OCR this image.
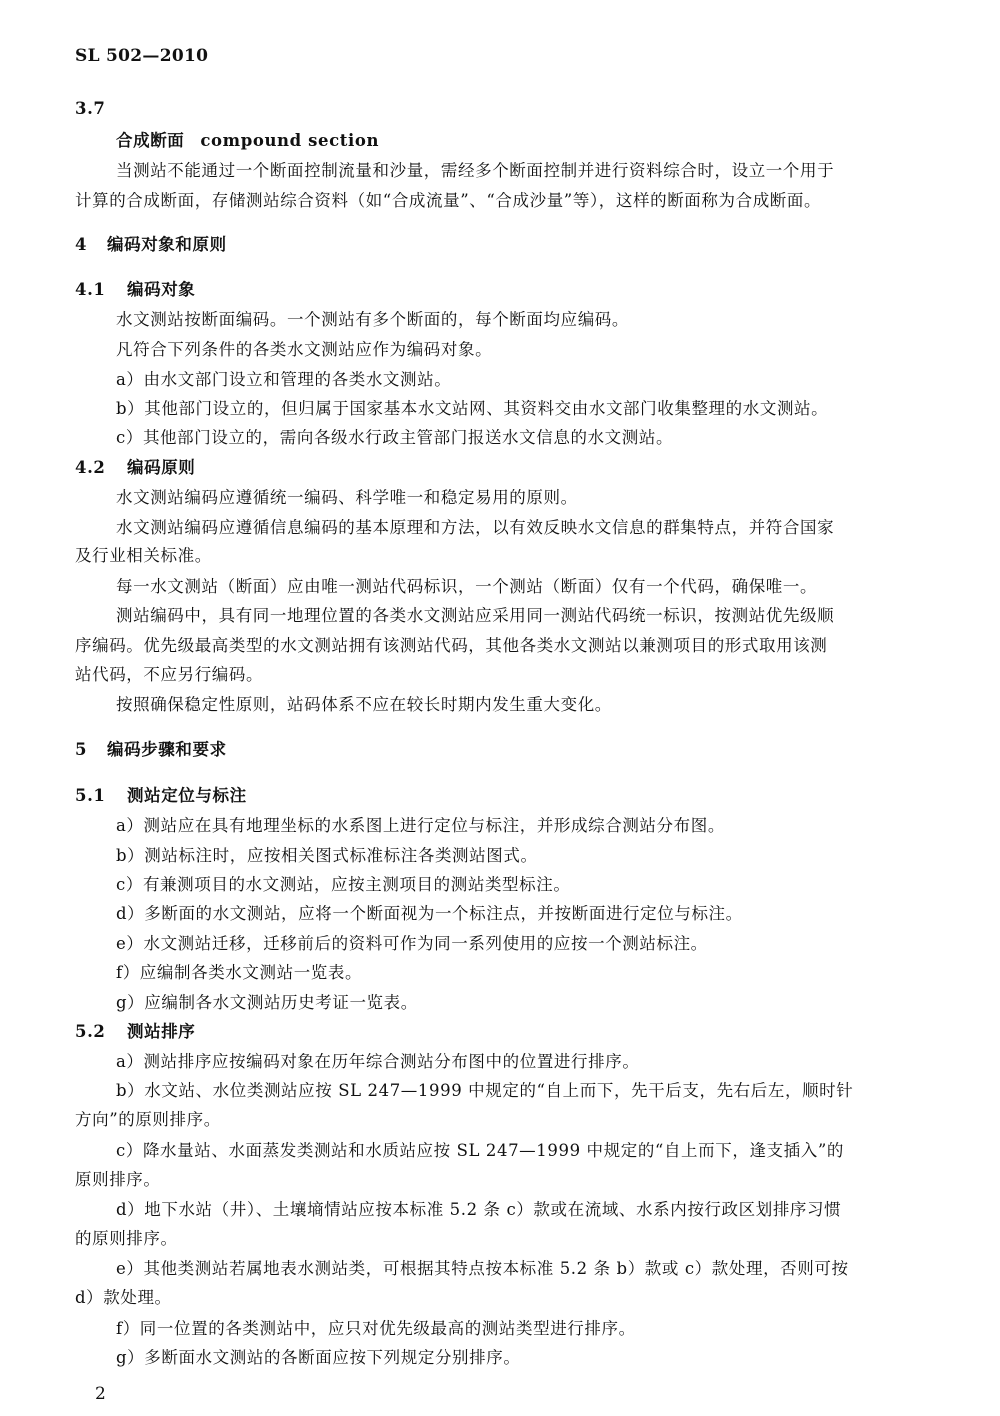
SL 502—2010
3.7
合成断面 compound section
当测站不能通过一个断面控制流量和沙量，需经多个断面控制并进行资料综合时，设立一个用于
计算的合成断面，存储测站综合资料（如“合成流量”、“合成沙量”等），这样的断面称为合成断面。
4 编码对象和原则
4.1 编码对象
水文测站按断面编码。一个测站有多个断面的，每个断面均应编码。
凡符合下列条件的各类水文测站应作为编码对象。
a）由水文部门设立和管理的各类水文测站。
b）其他部门设立的，但归属于国家基本水文站网、其资料交由水文部门收集整理的水文测站。
c）其他部门设立的，需向各级水行政主管部门报送水文信息的水文测站。
4.2 编码原则
水文测站编码应遵循统一编码、科学唯一和稳定易用的原则。
水文测站编码应遵循信息编码的基本原理和方法，以有效反映水文信息的群集特点，并符合国家
及行业相关标准。
每一水文测站（断面）应由唯一测站代码标识，一个测站（断面）仅有一个代码，确保唯一。
测站编码中，具有同一地理位置的各类水文测站应采用同一测站代码统一标识，按测站优先级顺
序编码。优先级最高类型的水文测站拥有该测站代码，其他各类水文测站以兼测项目的形式取用该测
站代码，不应另行编码。
按照确保稳定性原则，站码体系不应在较长时期内发生重大变化。
5 编码步骤和要求
5.1 测站定位与标注
a）测站应在具有地理坐标的水系图上进行定位与标注，并形成综合测站分布图。
b）测站标注时，应按相关图式标准标注各类测站图式。
c）有兼测项目的水文测站，应按主测项目的测站类型标注。
d）多断面的水文测站，应将一个断面视为一个标注点，并按断面进行定位与标注。
e）水文测站迁移，迁移前后的资料可作为同一系列使用的应按一个测站标注。
f）应编制各类水文测站一览表。
g）应编制各水文测站历史考证一览表。
5.2 测站排序
a）测站排序应按编码对象在历年综合测站分布图中的位置进行排序。
b）水文站、水位类测站应按 SL 247—1999 中规定的“自上而下，先干后支，先右后左，顺时针
方向”的原则排序。
c）降水量站、水面蒸发类测站和水质站应按 SL 247—1999 中规定的“自上而下，逢支插入”的
原则排序。
d）地下水站（井）、土壤墒情站应按本标准 5.2 条 c）款或在流域、水系内按行政区划排序习惯
的原则排序。
e）其他类测站若属地表水测站类，可根据其特点按本标准 5.2 条 b）款或 c）款处理，否则可按
d）款处理。
f）同一位置的各类测站中，应只对优先级最高的测站类型进行排序。
g）多断面水文测站的各断面应按下列规定分别排序。
2
